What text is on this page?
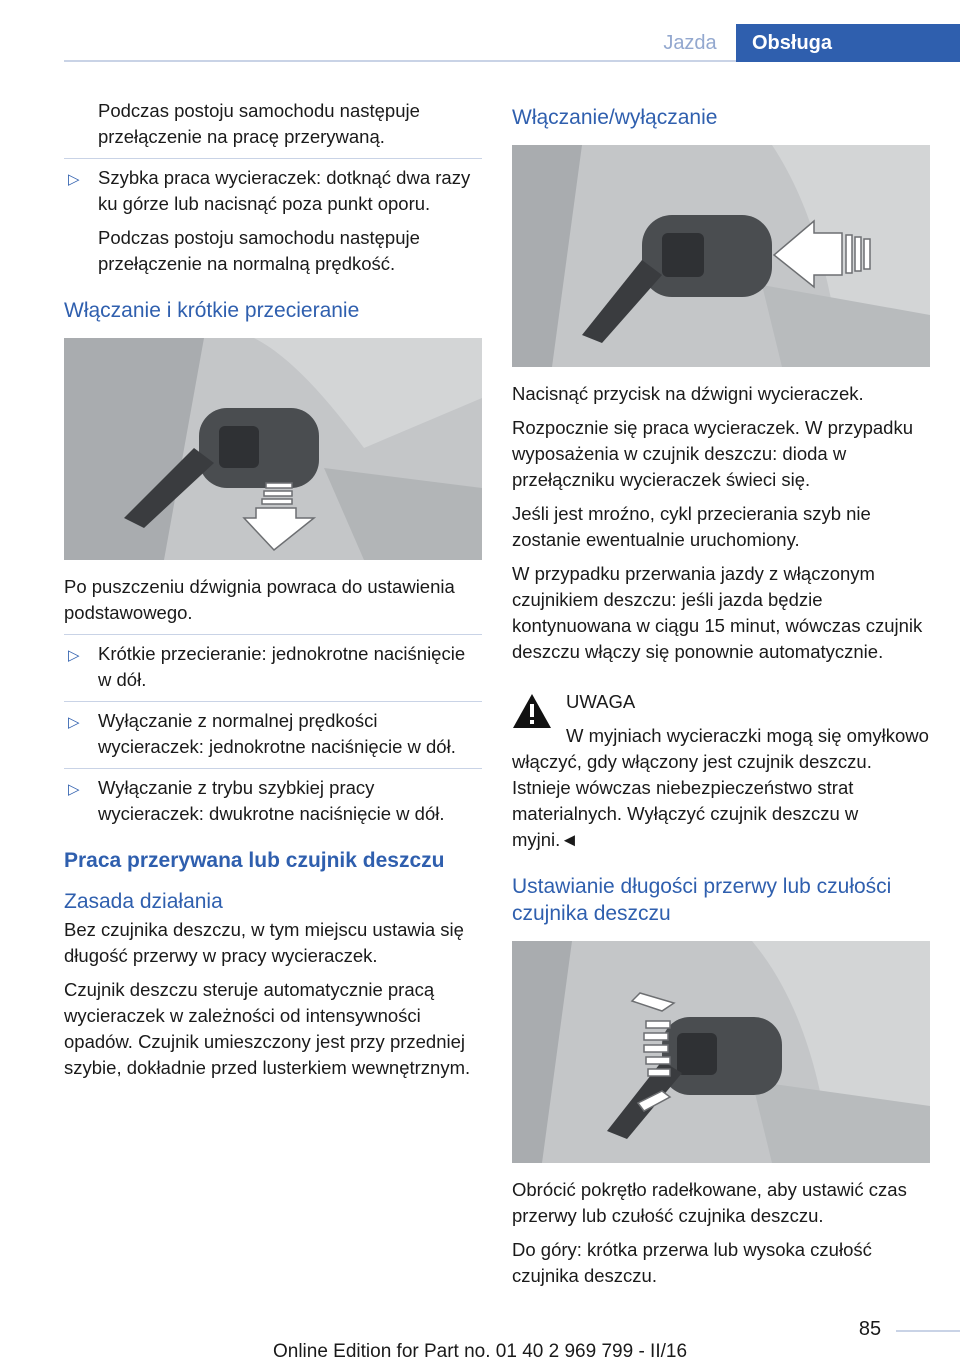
Jazda	Obsługa

Podczas postoju samochodu następuje przełączenie na pracę przerywaną.

▷ Szybka praca wycieraczek: dotknąć dwa razy ku górze lub nacisnąć poza punkt oporu.

Podczas postoju samochodu następuje przełączenie na normalną prędkość.

Włączanie i krótkie przecieranie

Po puszczeniu dźwignia powraca do ustawienia podstawowego.

▷ Krótkie przecieranie: jednokrotne naciśnięcie w dół.
▷ Wyłączanie z normalnej prędkości wycieraczek: jednokrotne naciśnięcie w dół.
▷ Wyłączanie z trybu szybkiej pracy wycieraczek: dwukrotne naciśnięcie w dół.
Praca przerywana lub czujnik deszczu
Zasada działania

Bez czujnika deszczu, w tym miejscu ustawia się długość przerwy w pracy wycieraczek.

Czujnik deszczu steruje automatycznie pracą wycieraczek w zależności od intensywności opadów. Czujnik umieszczony jest przy przedniej szybie, dokładnie przed lusterkiem wewnętrznym.

Włączanie/wyłączanie

Nacisnąć przycisk na dźwigni wycieraczek.

Rozpocznie się praca wycieraczek. W przypadku wyposażenia w czujnik deszczu: dioda w przełączniku wycieraczek świeci się.

Jeśli jest mroźno, cykl przecierania szyb nie zostanie ewentualnie uruchomiony.

W przypadku przerwania jazdy z włączonym czujnikiem deszczu: jeśli jazda będzie kontynuowana w ciągu 15 minut, wówczas czujnik deszczu włączy się ponownie automatycznie.

UWAGA

W myjniach wycieraczki mogą się omyłkowo włączyć, gdy włączony jest czujnik deszczu. Istnieje wówczas niebezpieczeństwo strat materialnych. Wyłączyć czujnik deszczu w myjni.◄

Ustawianie długości przerwy lub czułości czujnika deszczu

Obrócić pokrętło radełkowane, aby ustawić czas przerwy lub czułość czujnika deszczu.

Do góry: krótka przerwa lub wysoka czułość czujnika deszczu.

85
Online Edition for Part no. 01 40 2 969 799 - II/16
